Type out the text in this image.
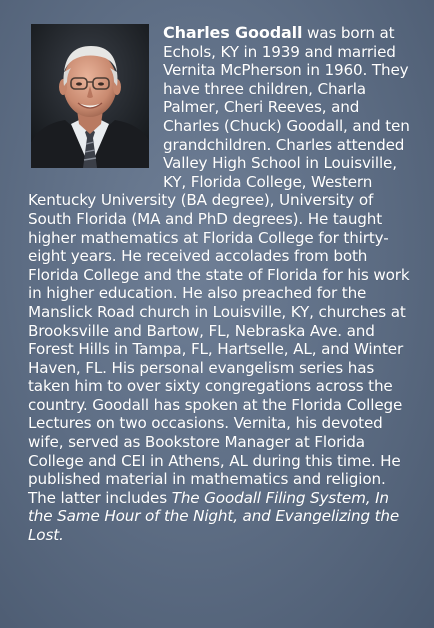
Charles Goodall was born at Echols, KY in 1939 and married Vernita McPherson in 1960. They have three children, Charla Palmer, Cheri Reeves, and Charles (Chuck) Goodall, and ten grandchildren. Charles attended Valley High School in Louisville, KY, Florida College, Western Kentucky University (BA degree), University of South Florida (MA and PhD degrees). He taught higher mathematics at Florida College for thirty-eight years. He received accolades from both Florida College and the state of Florida for his work in higher education. He also preached for the Manslick Road church in Louisville, KY, churches at Brooksville and Bartow, FL, Nebraska Ave. and Forest Hills in Tampa, FL, Hartselle, AL, and Winter Haven, FL. His personal evangelism series has taken him to over sixty congregations across the country. Goodall has spoken at the Florida College Lectures on two occasions. Vernita, his devoted wife, served as Bookstore Manager at Florida College and CEI in Athens, AL during this time. He published material in mathematics and religion. The latter includes The Goodall Filing System, In the Same Hour of the Night, and Evangelizing the Lost.
